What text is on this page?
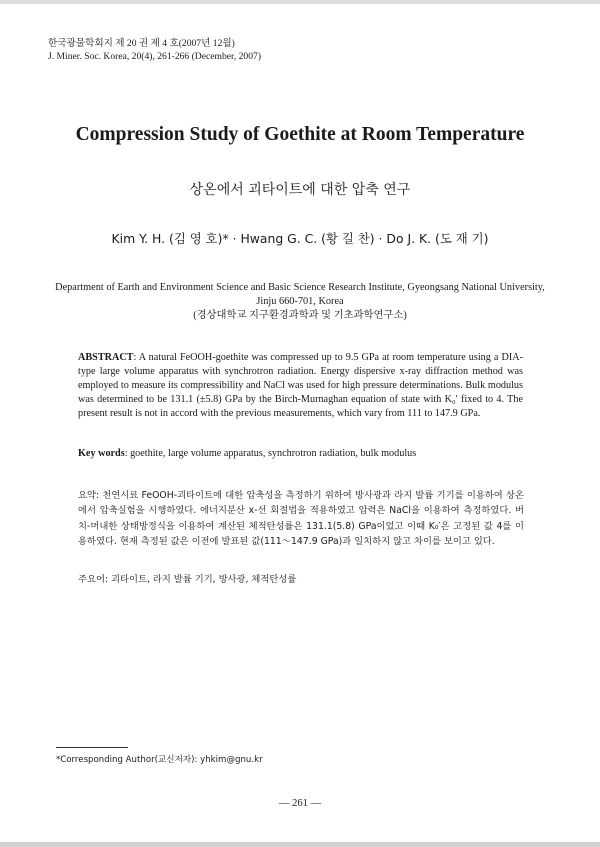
한국광물학회지 제 20 권 제 4 호(2007년 12월)
J. Miner. Soc. Korea, 20(4), 261-266 (December, 2007)
Compression Study of Goethite at Room Temperature
상온에서 괴타이트에 대한 압축 연구
Kim Y. H. (김 영 호)* · Hwang G. C. (황 길 찬) · Do J. K. (도 재 기)
Department of Earth and Environment Science and Basic Science Research Institute, Gyeongsang National University,
Jinju 660-701, Korea
(경상대학교 지구환경과학과 및 기초과학연구소)
ABSTRACT: A natural FeOOH-goethite was compressed up to 9.5 GPa at room temperature using a DIA-type large volume apparatus with synchrotron radiation. Energy dispersive x-ray diffraction method was employed to measure its compressibility and NaCl was used for high pressure determinations. Bulk modulus was determined to be 131.1 (±5.8) GPa by the Birch-Murnaghan equation of state with K₀′ fixed to 4. The present result is not in accord with the previous measurements, which vary from 111 to 147.9 GPa.
Key words: goethite, large volume apparatus, synchrotron radiation, bulk modulus
요약: 천연시료 FeOOH-괴타이트에 대한 압축성을 측정하기 위하여 방사광과 라지 발륨 기기를 이용하여 상온에서 압축실험을 시행하였다. 에너지분산 x-선 회절법을 적용하였고 압력은 NaCl을 이용하여 측정하였다. 버치-머내한 상태방정식을 이용하여 계산된 체적탄성률은 131.1(5.8) GPa이었고 이때 K₀′은 고정된 값 4를 이용하였다. 현재 측정된 값은 이전에 발표된 값(111～147.9 GPa)과 일치하지 않고 차이를 보이고 있다.
주요어: 괴타이트, 라지 발륨 기기, 방사광, 체적탄성률
*Corresponding Author(교신저자): yhkim@gnu.kr
— 261 —
